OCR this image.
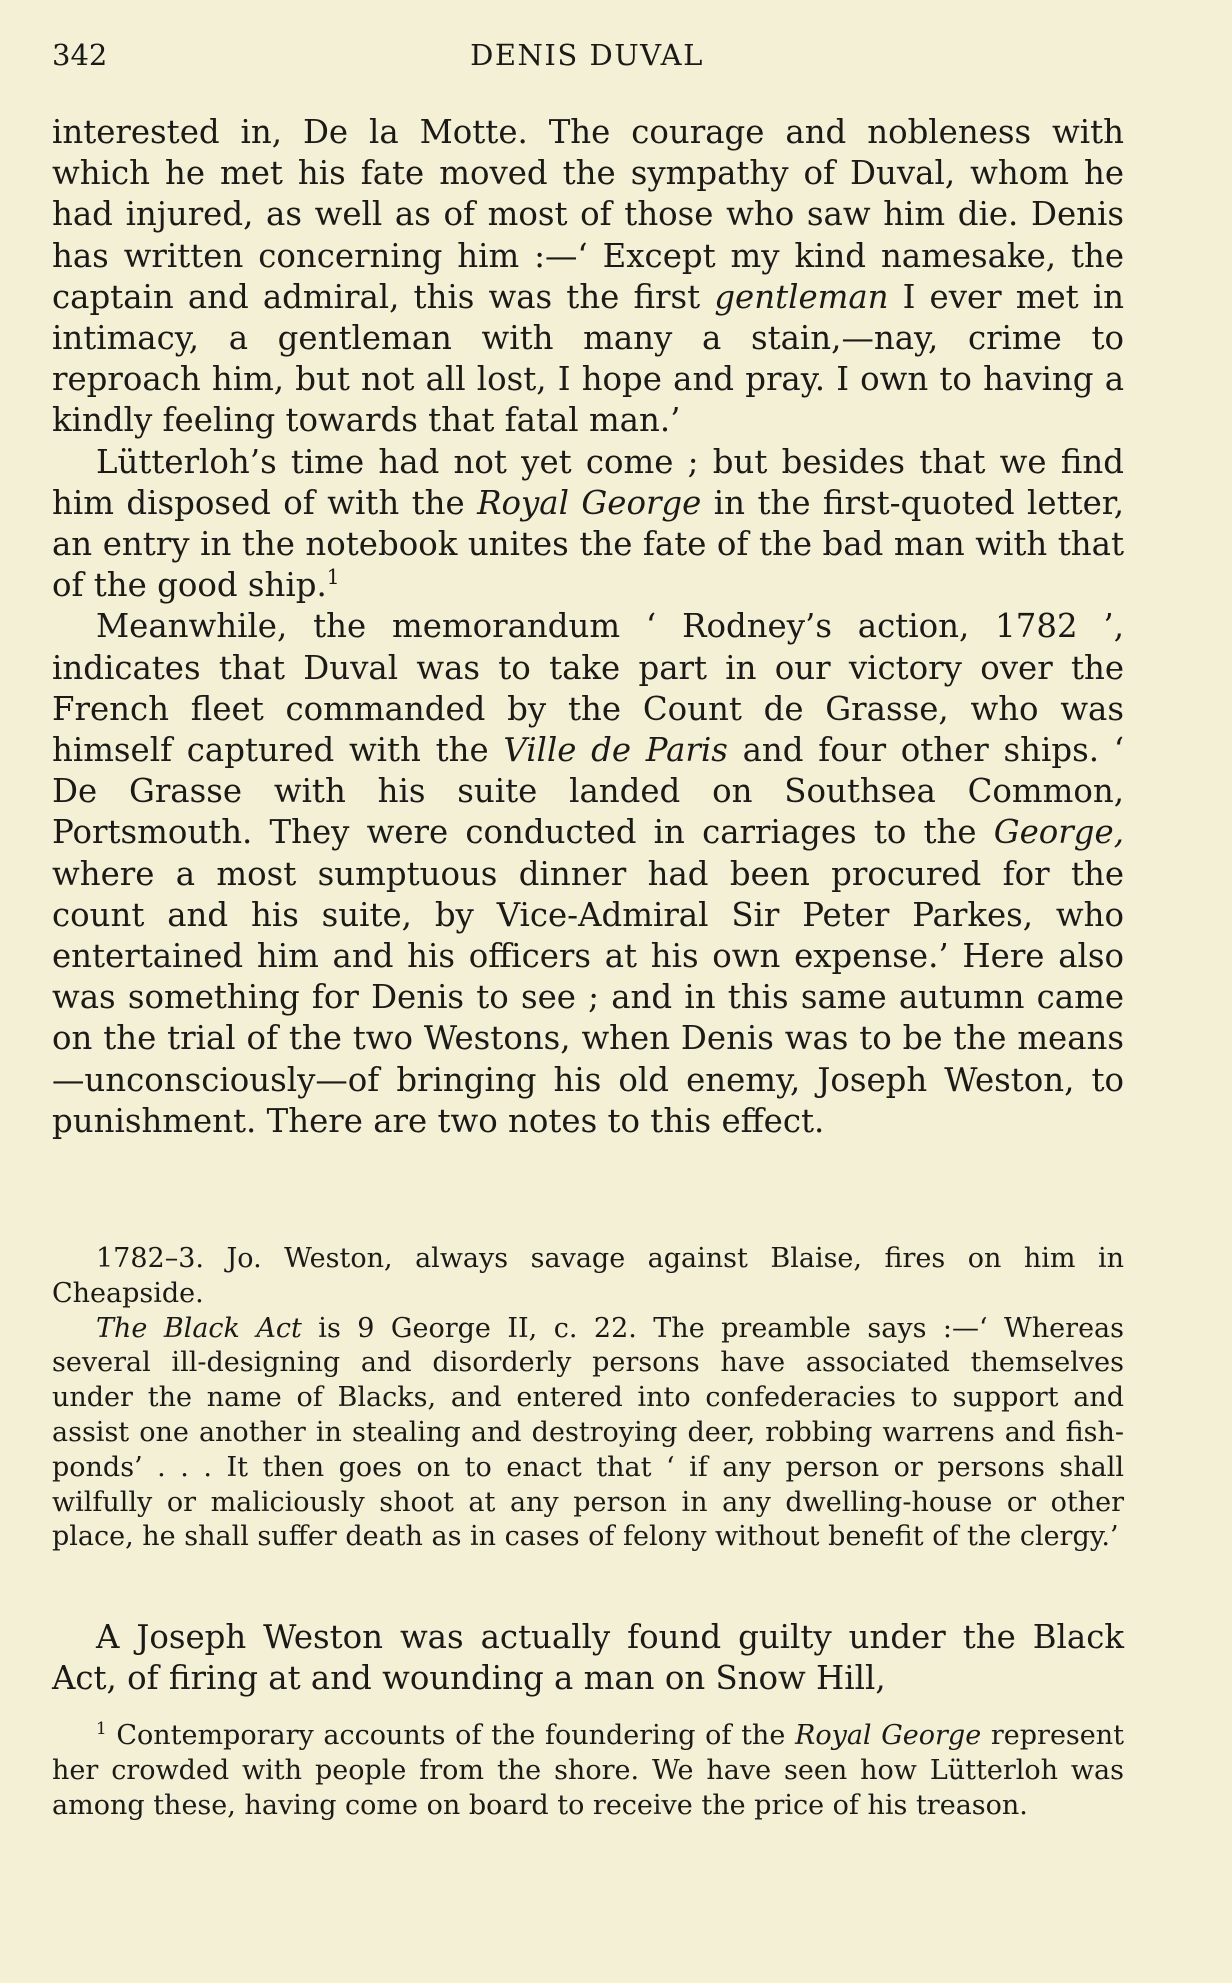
342	DENIS DUVAL

interested in, De la Motte. The courage and nobleness with which he met his fate moved the sympathy of Duval, whom he had injured, as well as of most of those who saw him die. Denis has written concerning him :—‘ Except my kind namesake, the captain and admiral, this was the first gentleman I ever met in intimacy, a gentleman with many a stain,—nay, crime to reproach him, but not all lost, I hope and pray. I own to having a kindly feeling towards that fatal man.’

Lütterloh’s time had not yet come ; but besides that we find him disposed of with the Royal George in the first-quoted letter, an entry in the notebook unites the fate of the bad man with that of the good ship.$^1$

Meanwhile, the memorandum ‘ Rodney’s action, 1782 ’, indicates that Duval was to take part in our victory over the French fleet commanded by the Count de Grasse, who was himself captured with the Ville de Paris and four other ships. ‘ De Grasse with his suite landed on Southsea Common, Portsmouth. They were conducted in carriages to the George, where a most sumptuous dinner had been procured for the count and his suite, by Vice-Admiral Sir Peter Parkes, who entertained him and his officers at his own expense.’ Here also was something for Denis to see ; and in this same autumn came on the trial of the two Westons, when Denis was to be the means—unconsciously—of bringing his old enemy, Joseph Weston, to punishment. There are two notes to this effect.

1782–3. Jo. Weston, always savage against Blaise, fires on him in Cheapside.

The Black Act is 9 George II, c. 22. The preamble says :—‘ Whereas several ill-designing and disorderly persons have associated themselves under the name of Blacks, and entered into confederacies to support and assist one another in stealing and destroying deer, robbing warrens and fish-ponds’ . . . It then goes on to enact that ‘ if any person or persons shall wilfully or maliciously shoot at any person in any dwelling-house or other place, he shall suffer death as in cases of felony without benefit of the clergy.’

A Joseph Weston was actually found guilty under the Black Act, of firing at and wounding a man on Snow Hill,

$^1$ Contemporary accounts of the foundering of the Royal George represent her crowded with people from the shore. We have seen how Lütterloh was among these, having come on board to receive the price of his treason.
